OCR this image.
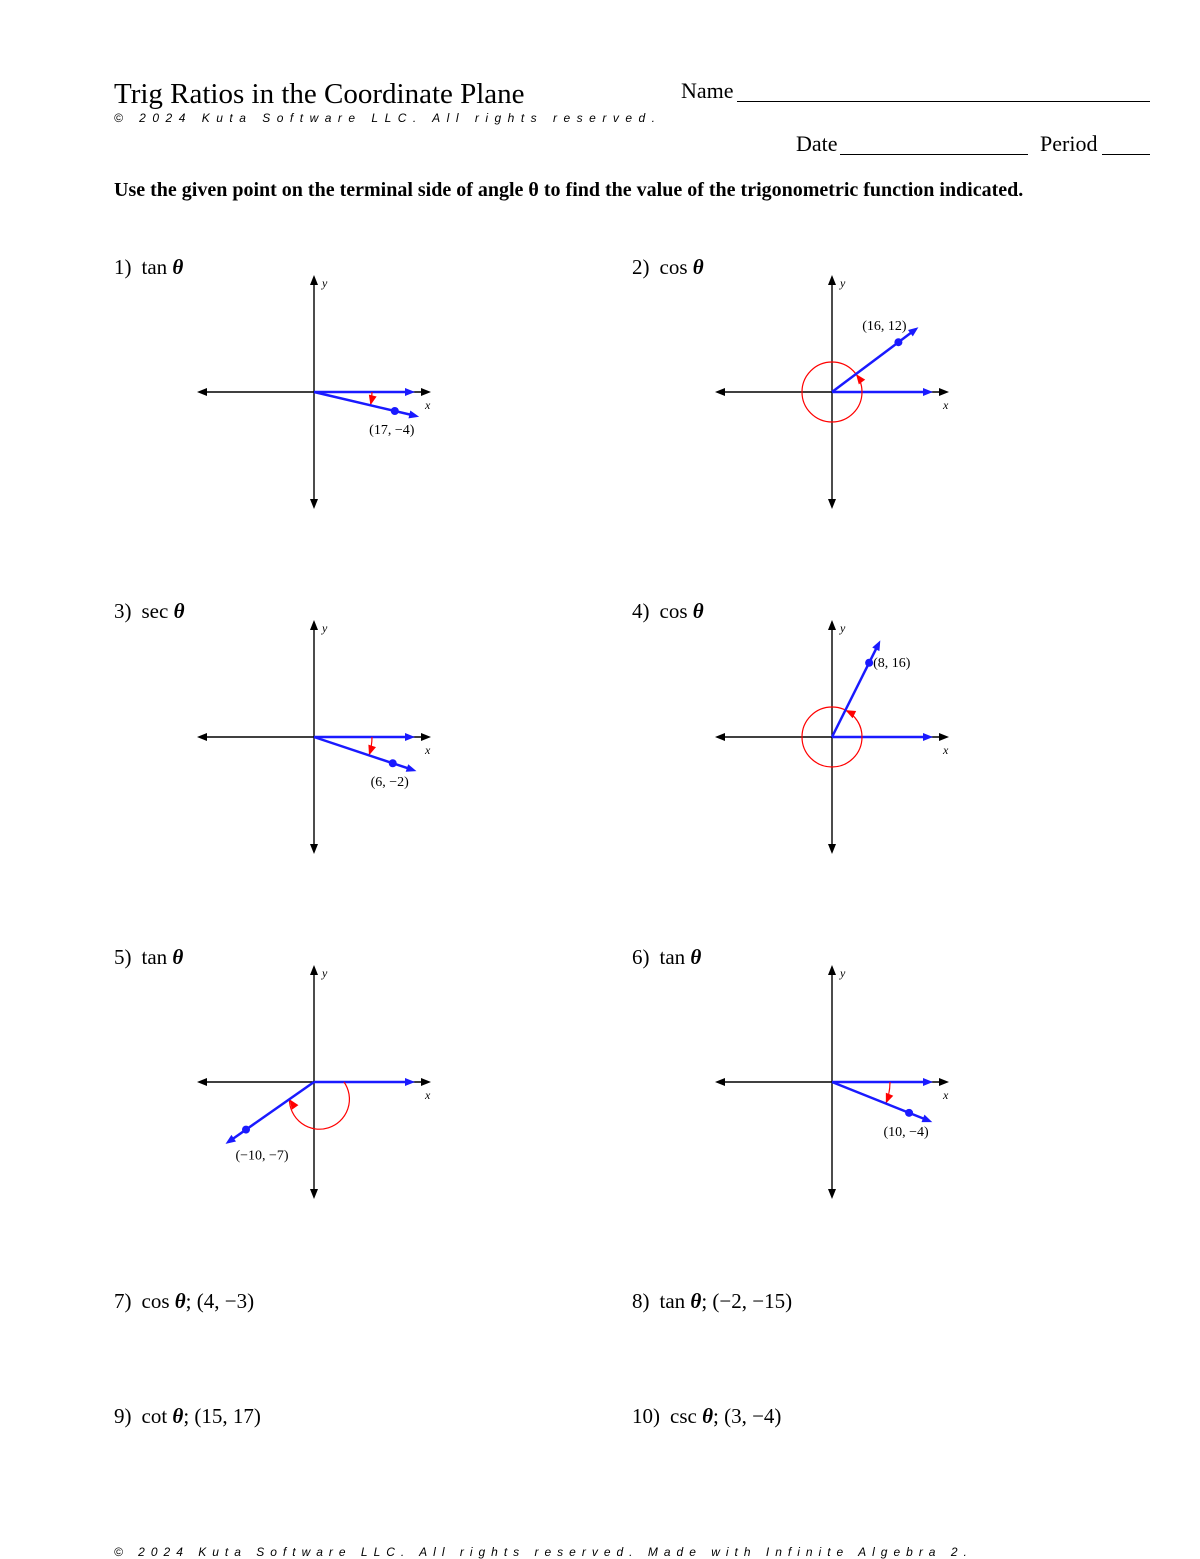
Trig Ratios in the Coordinate Plane
© 2024 Kuta Software LLC. All rights reserved.
Name
Date	Period
Use the given point on the terminal side of angle θ to find the value of the trigonometric function indicated.
1) tan θ	2) cos θ
3) sec θ	4) cos θ
5) tan θ	6) tan θ
x
y
(17, −4)
x
y
(16, 12)
x
y
(6, −2)
x
y
(8, 16)
x
y
(−10, −7)
x
y
(10, −4)
7) cos θ; (4, −3)	8) tan θ; (−2, −15)
9) cot θ; (15, 17)	10) csc θ; (3, −4)
© 2024 Kuta Software LLC. All rights reserved. Made with Infinite Algebra 2.
